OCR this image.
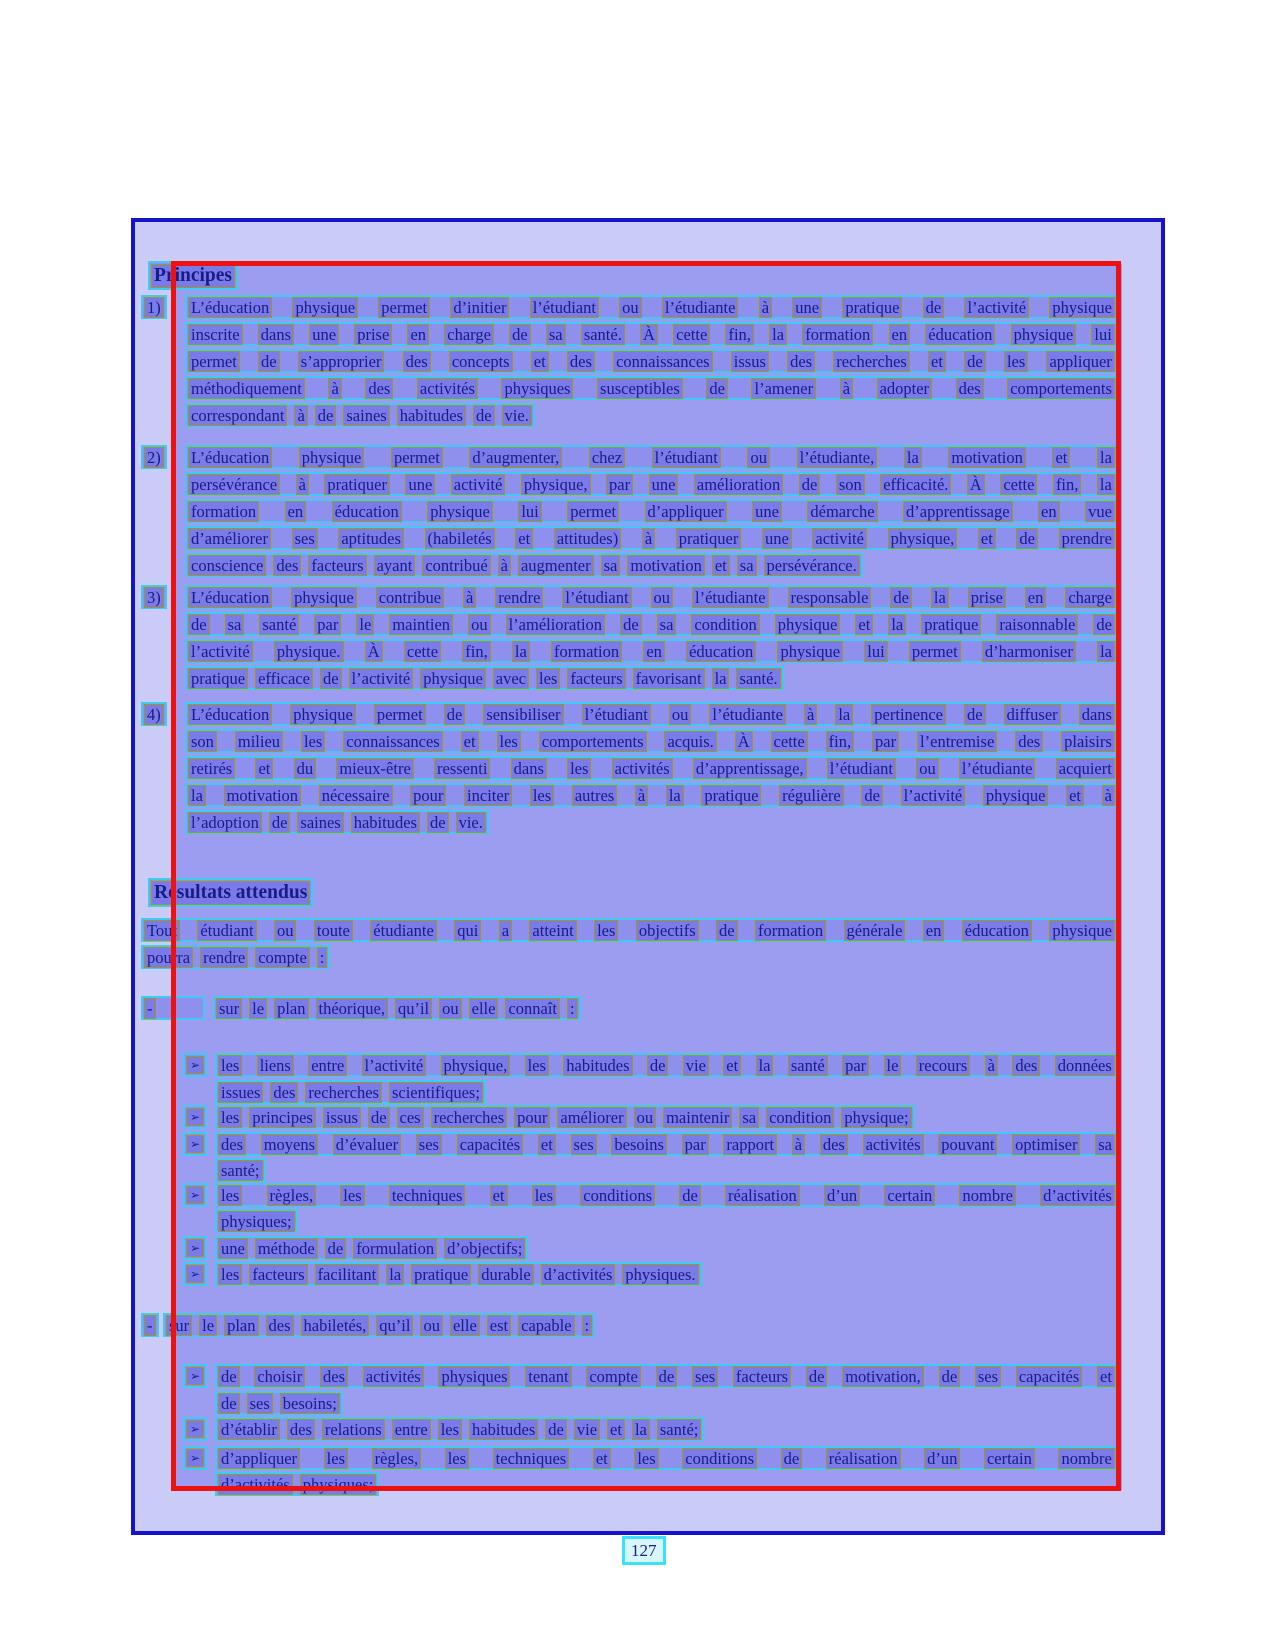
Principes
1) L’éducation physique permet d’initier l’étudiant ou l’étudiante à une pratique de l’activité physique
inscrite dans une prise en charge de sa santé. À cette fin, la formation en éducation physique lui
permet de s’approprier des concepts et des connaissances issus des recherches et de les appliquer
méthodiquement à des activités physiques susceptibles de l’amener à adopter des comportements
correspondant à de saines habitudes de vie.
2) L’éducation physique permet d’augmenter, chez l’étudiant ou l’étudiante, la motivation et la
persévérance à pratiquer une activité physique, par une amélioration de son efficacité. À cette fin, la
formation en éducation physique lui permet d’appliquer une démarche d’apprentissage en vue
d’améliorer ses aptitudes (habiletés et attitudes) à pratiquer une activité physique, et de prendre
conscience des facteurs ayant contribué à augmenter sa motivation et sa persévérance.
3) L’éducation physique contribue à rendre l’étudiant ou l’étudiante responsable de la prise en charge
de sa santé par le maintien ou l’amélioration de sa condition physique et la pratique raisonnable de
l’activité physique. À cette fin, la formation en éducation physique lui permet d’harmoniser la
pratique efficace de l’activité physique avec les facteurs favorisant la santé.
4) L’éducation physique permet de sensibiliser l’étudiant ou l’étudiante à la pertinence de diffuser dans
son milieu les connaissances et les comportements acquis. À cette fin, par l’entremise des plaisirs
retirés et du mieux-être ressenti dans les activités d’apprentissage, l’étudiant ou l’étudiante acquiert
la motivation nécessaire pour inciter les autres à la pratique régulière de l’activité physique et à
l’adoption de saines habitudes de vie.
Résultats attendus
Tout étudiant ou toute étudiante qui a atteint les objectifs de formation générale en éducation physique
pourra rendre compte :
-	sur le plan théorique, qu’il ou elle connaît :
➢ les liens entre l’activité physique, les habitudes de vie et la santé par le recours à des données
issues des recherches scientifiques;
➢ les principes issus de ces recherches pour améliorer ou maintenir sa condition physique;
➢ des moyens d’évaluer ses capacités et ses besoins par rapport à des activités pouvant optimiser sa
santé;
➢ les règles, les techniques et les conditions de réalisation d’un certain nombre d’activités
physiques;
➢ une méthode de formulation d’objectifs;
➢ les facteurs facilitant la pratique durable d’activités physiques.
- sur le plan des habiletés, qu’il ou elle est capable :
➢ de choisir des activités physiques tenant compte de ses facteurs de motivation, de ses capacités et
de ses besoins;
➢ d’établir des relations entre les habitudes de vie et la santé;
➢ d’appliquer les règles, les techniques et les conditions de réalisation d’un certain nombre
d’activités physiques;
127
